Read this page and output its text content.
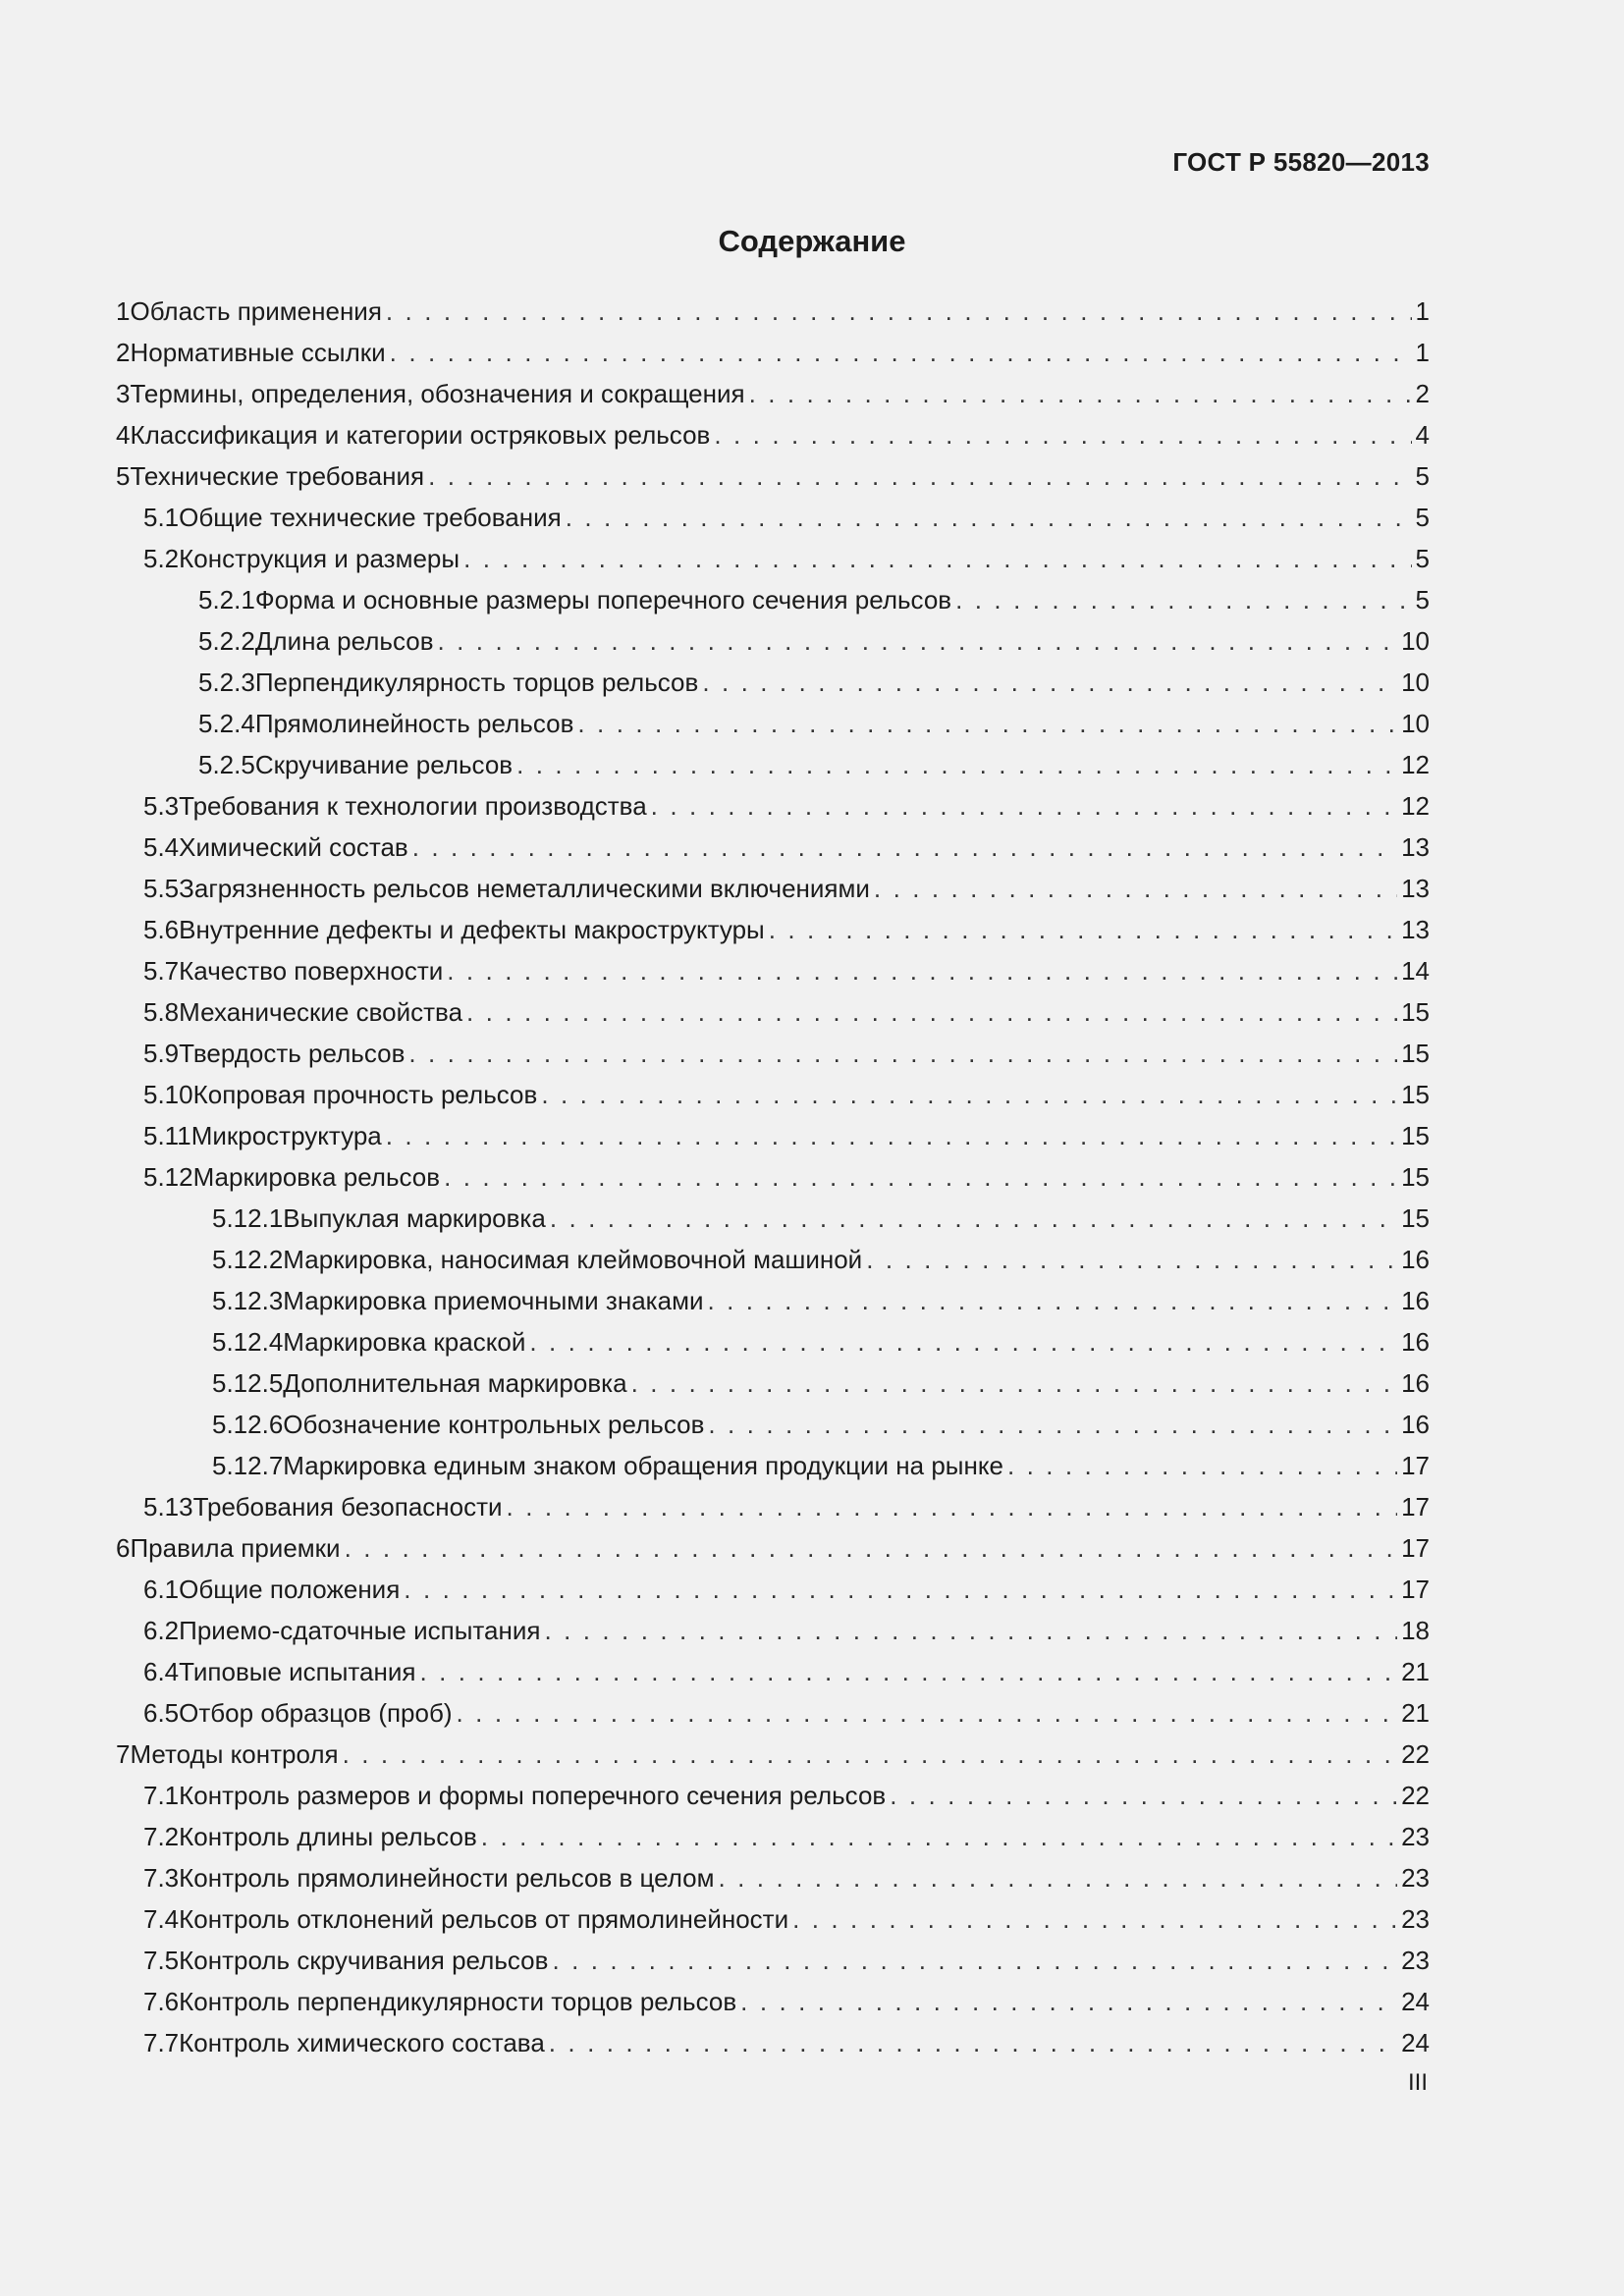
ГОСТ Р 55820—2013
Содержание
1 Область применения . . .	1
2 Нормативные ссылки . . .	1
3 Термины, определения, обозначения и сокращения . . .	2
4 Классификация и категории остряковых рельсов . . .	4
5 Технические требования . . .	5
5.1 Общие технические требования . . .	5
5.2 Конструкция и размеры . . .	5
5.2.1 Форма и основные размеры поперечного сечения рельсов . . .	5
5.2.2 Длина рельсов . . .	10
5.2.3 Перпендикулярность торцов рельсов . . .	10
5.2.4 Прямолинейность рельсов . . .	10
5.2.5 Скручивание рельсов . . .	12
5.3 Требования к технологии производства . . .	12
5.4 Химический состав . . .	13
5.5 Загрязненность рельсов неметаллическими включениями . . .	13
5.6 Внутренние дефекты и дефекты макроструктуры . . .	13
5.7 Качество поверхности . . .	14
5.8 Механические свойства . . .	15
5.9 Твердость рельсов . . .	15
5.10 Копровая прочность рельсов . . .	15
5.11 Микроструктура . . .	15
5.12 Маркировка рельсов . . .	15
5.12.1 Выпуклая маркировка . . .	15
5.12.2 Маркировка, наносимая клеймовочной машиной . . .	16
5.12.3 Маркировка приемочными знаками . . .	16
5.12.4 Маркировка краской . . .	16
5.12.5 Дополнительная маркировка . . .	16
5.12.6 Обозначение контрольных рельсов . . .	16
5.12.7 Маркировка единым знаком обращения продукции на рынке . . .	17
5.13 Требования безопасности . . .	17
6 Правила приемки . . .	17
6.1 Общие положения . . .	17
6.2 Приемо-сдаточные испытания . . .	18
6.4 Типовые испытания . . .	21
6.5 Отбор образцов (проб) . . .	21
7 Методы контроля . . .	22
7.1 Контроль размеров и формы поперечного сечения рельсов . . .	22
7.2 Контроль длины рельсов . . .	23
7.3 Контроль прямолинейности рельсов в целом . . .	23
7.4 Контроль отклонений рельсов от прямолинейности . . .	23
7.5 Контроль скручивания рельсов . . .	23
7.6 Контроль перпендикулярности торцов рельсов . . .	24
7.7 Контроль химического состава . . .	24
III
